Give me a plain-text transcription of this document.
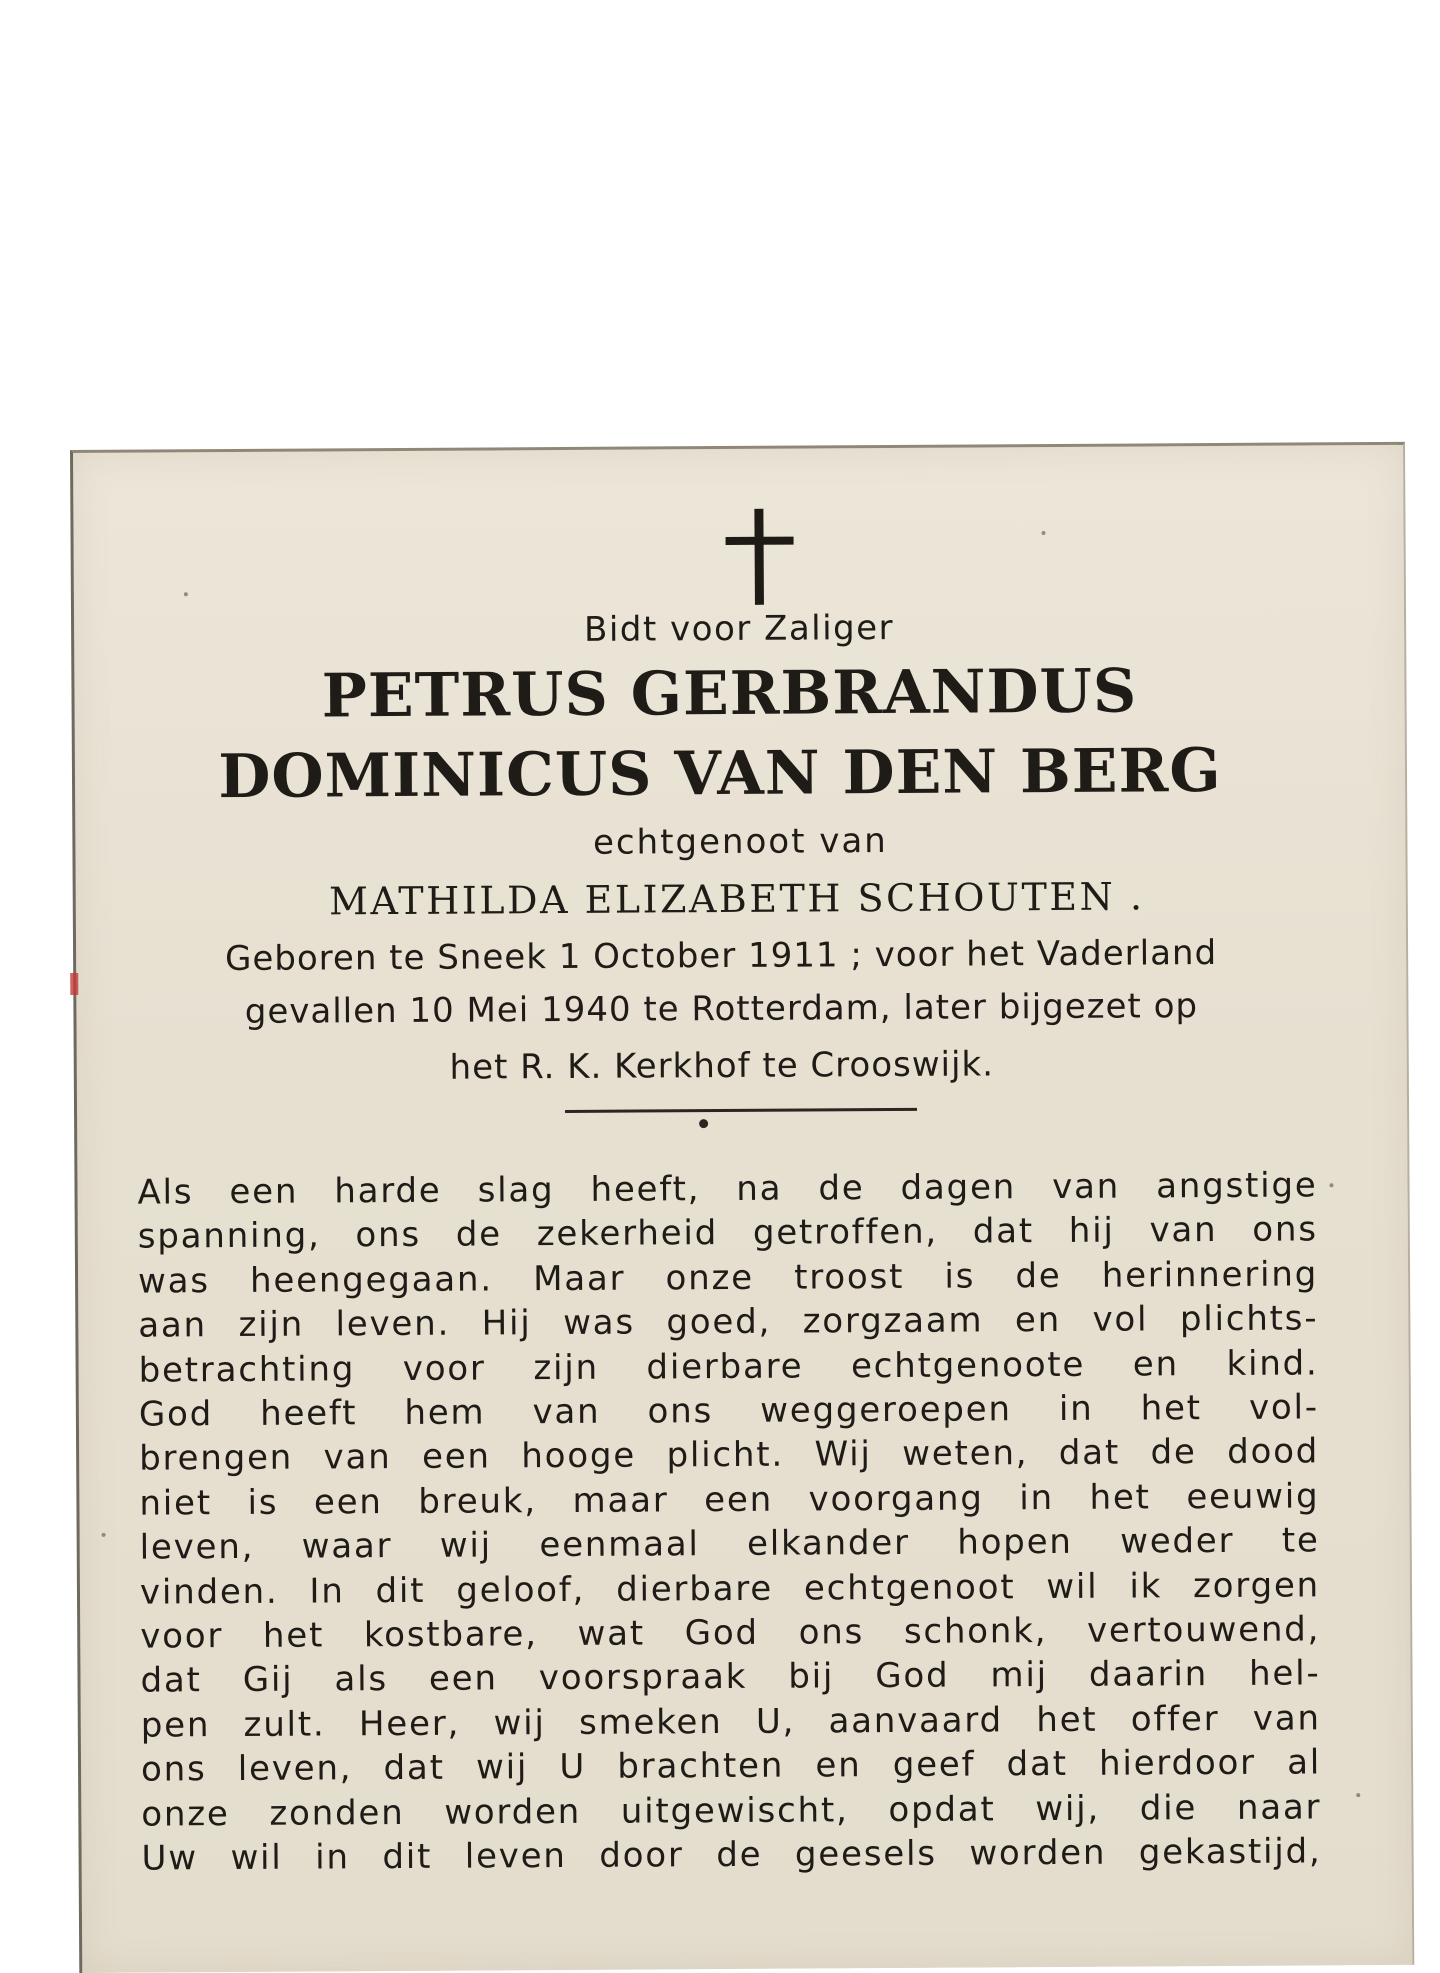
Bidt voor Zaliger
PETRUS GERBRANDUS
DOMINICUS VAN DEN BERG
echtgenoot van
MATHILDA ELIZABETH SCHOUTEN .
Geboren te Sneek 1 October 1911 ; voor het Vaderland
gevallen 10 Mei 1940 te Rotterdam, later bijgezet op
het R. K. Kerkhof te Crooswijk.
Als een harde slag heeft, na de dagen van angstige
spanning, ons de zekerheid getroffen, dat hij van ons
was heengegaan. Maar onze troost is de herinnering
aan zijn leven. Hij was goed, zorgzaam en vol plichts-
betrachting voor zijn dierbare echtgenoote en kind.
God heeft hem van ons weggeroepen in het vol-
brengen van een hooge plicht. Wij weten, dat de dood
niet is een breuk, maar een voorgang in het eeuwig
leven, waar wij eenmaal elkander hopen weder te
vinden. In dit geloof, dierbare echtgenoot wil ik zorgen
voor het kostbare, wat God ons schonk, vertouwend,
dat Gij als een voorspraak bij God mij daarin hel-
pen zult. Heer, wij smeken U, aanvaard het offer van
ons leven, dat wij U brachten en geef dat hierdoor al
onze zonden worden uitgewischt, opdat wij, die naar
Uw wil in dit leven door de geesels worden gekastijd,
